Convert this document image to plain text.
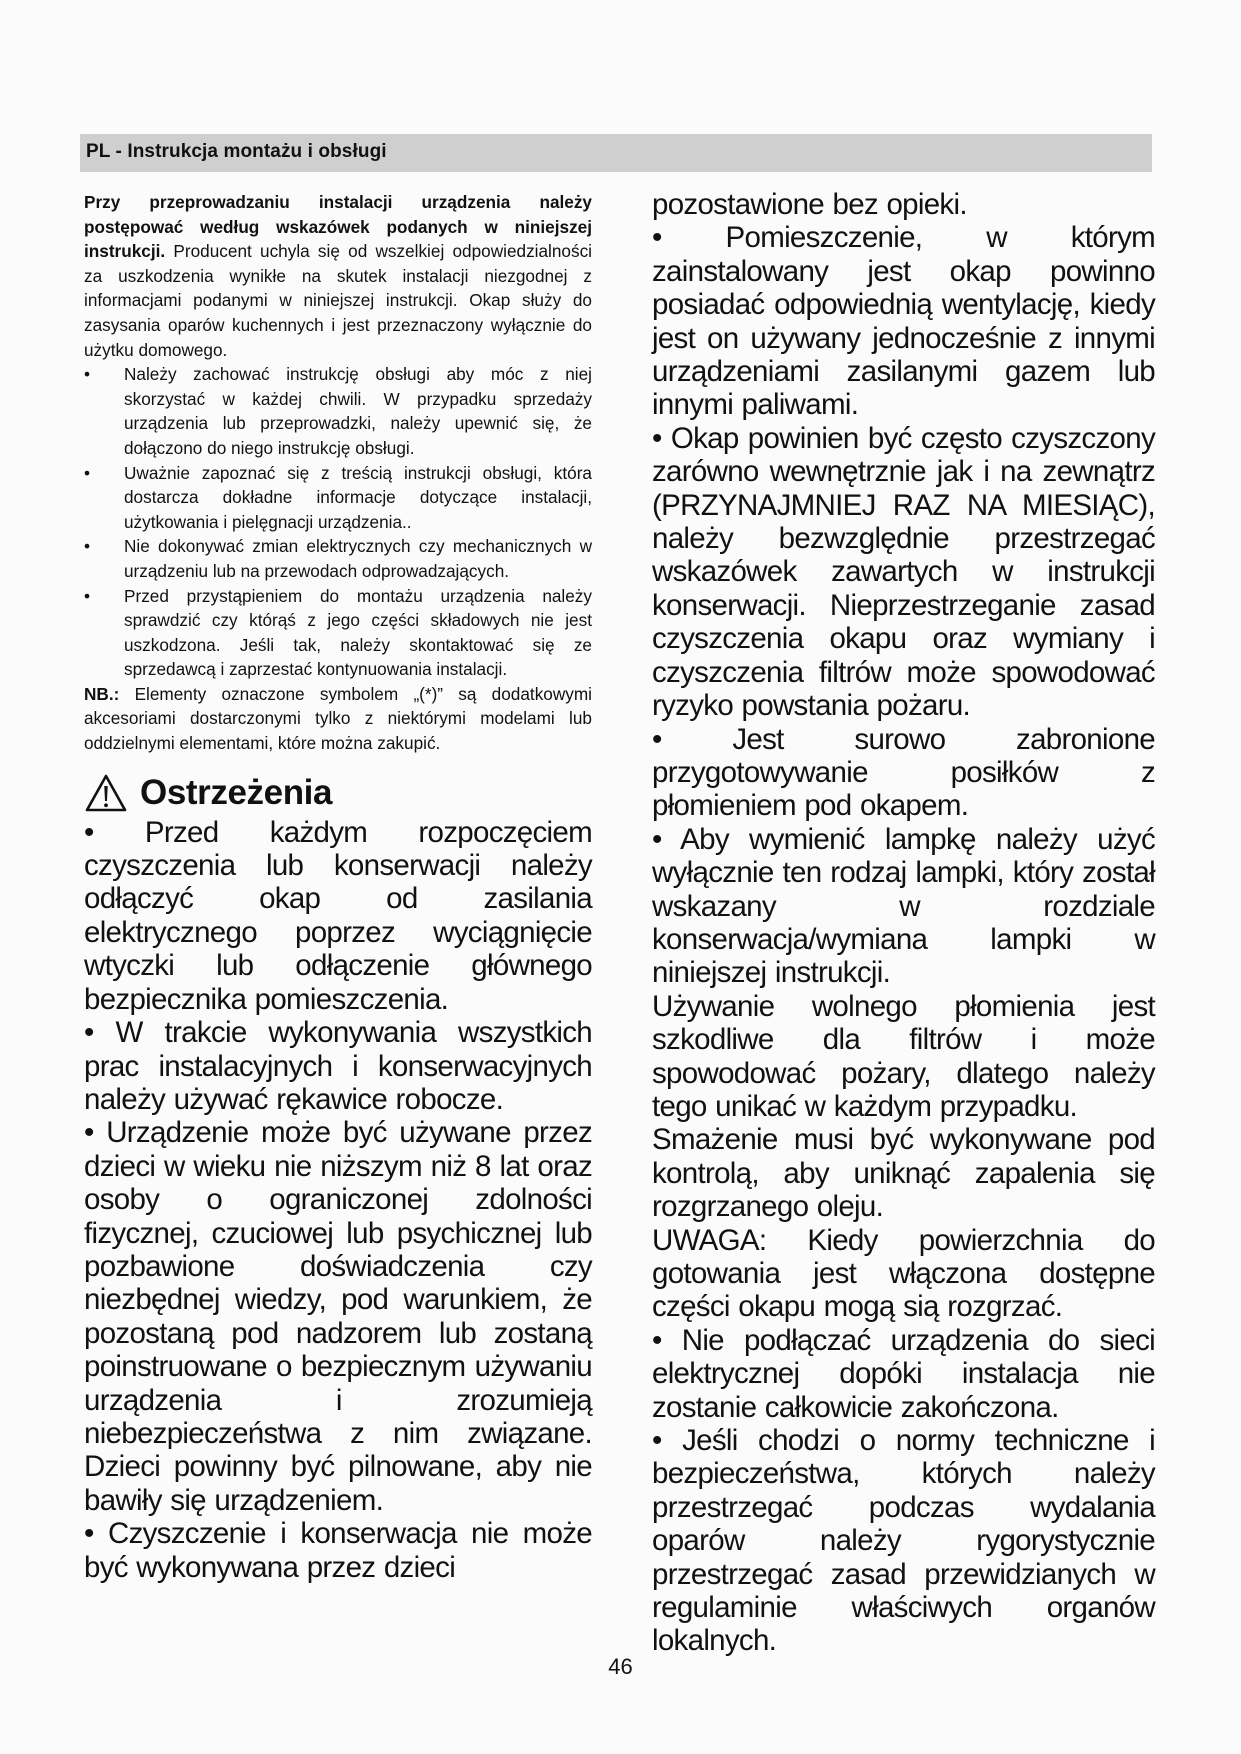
PL - Instrukcja montażu i obsługi

Przy przeprowadzaniu instalacji urządzenia należy postępować według wskazówek podanych w niniejszej instrukcji. Producent uchyla się od wszelkiej odpowiedzialności za uszkodzenia wynikłe na skutek instalacji niezgodnej z informacjami podanymi w niniejszej instrukcji. Okap służy do zasysania oparów kuchennych i jest przeznaczony wyłącznie do użytku domowego.

• Należy zachować instrukcję obsługi aby móc z niej skorzystać w każdej chwili. W przypadku sprzedaży urządzenia lub przeprowadzki, należy upewnić się, że dołączono do niego instrukcję obsługi.
• Uważnie zapoznać się z treścią instrukcji obsługi, która dostarcza dokładne informacje dotyczące instalacji, użytkowania i pielęgnacji urządzenia..
• Nie dokonywać zmian elektrycznych czy mechanicznych w urządzeniu lub na przewodach odprowadzających.
• Przed przystąpieniem do montażu urządzenia należy sprawdzić czy którąś z jego części składowych nie jest uszkodzona. Jeśli tak, należy skontaktować się ze sprzedawcą i zaprzestać kontynuowania instalacji.

NB.: Elementy oznaczone symbolem „(*)” są dodatkowymi akcesoriami dostarczonymi tylko z niektórymi modelami lub oddzielnymi elementami, które można zakupić.

Ostrzeżenia

• Przed każdym rozpoczęciem czyszczenia lub konserwacji należy odłączyć okap od zasilania elektrycznego poprzez wyciągnięcie wtyczki lub odłączenie głównego bezpiecznika pomieszczenia.

• W trakcie wykonywania wszystkich prac instalacyjnych i konserwacyjnych należy używać rękawice robocze.

• Urządzenie może być używane przez dzieci w wieku nie niższym niż 8 lat oraz osoby o ograniczonej zdolności fizycznej, czuciowej lub psychicznej lub pozbawione doświadczenia czy niezbędnej wiedzy, pod warunkiem, że pozostaną pod nadzorem lub zostaną poinstruowane o bezpiecznym używaniu urządzenia i zrozumieją niebezpieczeństwa z nim związane. Dzieci powinny być pilnowane, aby nie bawiły się urządzeniem.

• Czyszczenie i konserwacja nie może być wykonywana przez dzieci

pozostawione bez opieki.

• Pomieszczenie, w którym zainstalowany jest okap powinno posiadać odpowiednią wentylację, kiedy jest on używany jednocześnie z innymi urządzeniami zasilanymi gazem lub innymi paliwami.

• Okap powinien być często czyszczony zarówno wewnętrznie jak i na zewnątrz (PRZYNAJMNIEJ RAZ NA MIESIĄC), należy bezwzględnie przestrzegać wskazówek zawartych w instrukcji konserwacji. Nieprzestrzeganie zasad czyszczenia okapu oraz wymiany i czyszczenia filtrów może spowodować ryzyko powstania pożaru.

• Jest surowo zabronione przygotowywanie posiłków z płomieniem pod okapem.

• Aby wymienić lampkę należy użyć wyłącznie ten rodzaj lampki, który został wskazany w rozdziale konserwacja/wymiana lampki w niniejszej instrukcji.

Używanie wolnego płomienia jest szkodliwe dla filtrów i może spowodować pożary, dlatego należy tego unikać w każdym przypadku.

Smażenie musi być wykonywane pod kontrolą, aby uniknąć zapalenia się rozgrzanego oleju.

UWAGA: Kiedy powierzchnia do gotowania jest włączona dostępne części okapu mogą sią rozgrzać.

• Nie podłączać urządzenia do sieci elektrycznej dopóki instalacja nie zostanie całkowicie zakończona.

• Jeśli chodzi o normy techniczne i bezpieczeństwa, których należy przestrzegać podczas wydalania oparów należy rygorystycznie przestrzegać zasad przewidzianych w regulaminie właściwych organów lokalnych.

46
